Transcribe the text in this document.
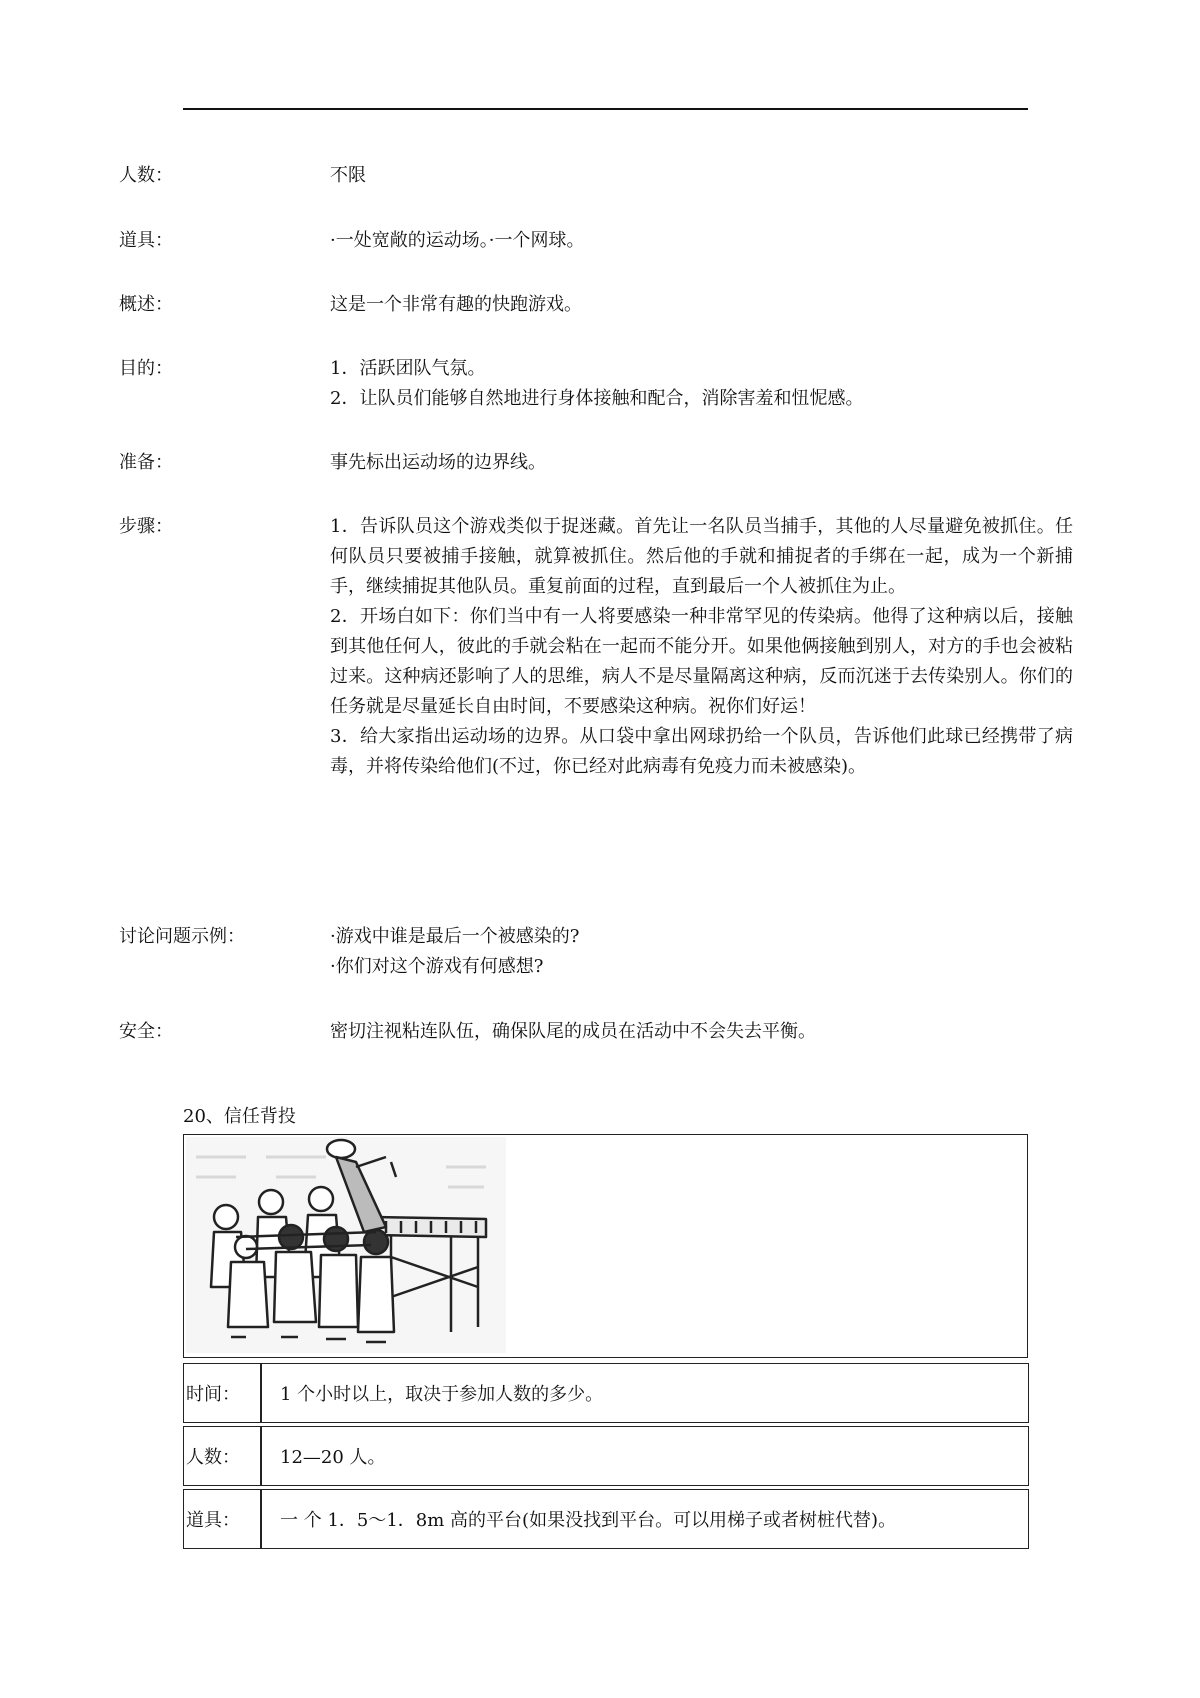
人数：	不限
道具：	·一处宽敞的运动场。·一个网球。
概述：	这是一个非常有趣的快跑游戏。
目的：	1．活跃团队气氛。
2．让队员们能够自然地进行身体接触和配合，消除害羞和忸怩感。
准备：	事先标出运动场的边界线。
步骤：	1．告诉队员这个游戏类似于捉迷藏。首先让一名队员当捕手，其他的人尽量避免被抓住。任何队员只要被捕手接触，就算被抓住。然后他的手就和捕捉者的手绑在一起，成为一个新捕手，继续捕捉其他队员。重复前面的过程，直到最后一个人被抓住为止。
2．开场白如下：你们当中有一人将要感染一种非常罕见的传染病。他得了这种病以后，接触到其他任何人，彼此的手就会粘在一起而不能分开。如果他俩接触到别人，对方的手也会被粘过来。这种病还影响了人的思维，病人不是尽量隔离这种病，反而沉迷于去传染别人。你们的任务就是尽量延长自由时间，不要感染这种病。祝你们好运！
3．给大家指出运动场的边界。从口袋中拿出网球扔给一个队员，告诉他们此球已经携带了病毒，并将传染给他们(不过，你已经对此病毒有免疫力而未被感染)。
讨论问题示例：	·游戏中谁是最后一个被感染的?
·你们对这个游戏有何感想?
安全：	密切注视粘连队伍，确保队尾的成员在活动中不会失去平衡。
20、信任背投
时间：	1 个小时以上，取决于参加人数的多少。
人数：	12—20 人。
道具：	一 个 1．5～1．8m 高的平台(如果没找到平台。可以用梯子或者树桩代替)。
